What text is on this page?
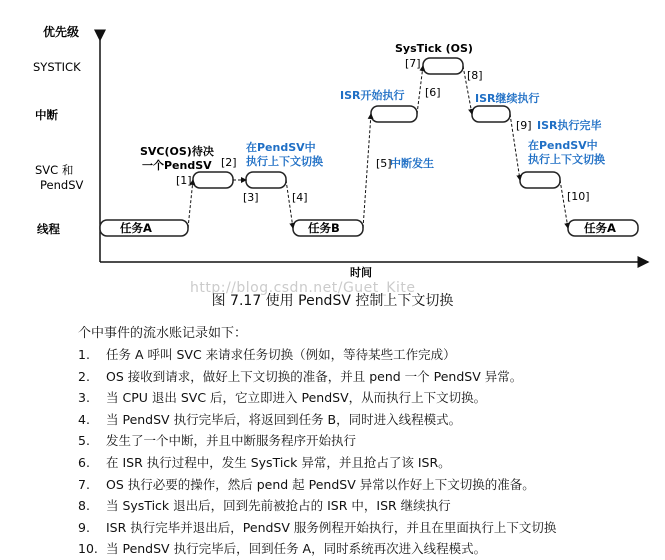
优先级
时间
SYSTICK
中断
SVC 和
PendSV
线程	任务A	任务B	任务A
[1]
[2]
[3]	[4]
[5]
[6]
[7]
[8]
[9]
[10]
SVC(OS)待决
一个PendSV
在PendSV中
执行上下文切换
ISR开始执行
SysTick (OS)
ISR继续执行
ISR执行完毕
在PendSV中
执行上下文切换
中断发生
http://blog.csdn.net/Guet_Kite
图 7.17 使用 PendSV 控制上下文切换
个中事件的流水账记录如下：
1. 任务 A 呼叫 SVC 来请求任务切换（例如，等待某些工作完成）
2. OS 接收到请求，做好上下文切换的准备，并且 pend 一个 PendSV 异常。
3. 当 CPU 退出 SVC 后，它立即进入 PendSV，从而执行上下文切换。
4. 当 PendSV 执行完毕后，将返回到任务 B，同时进入线程模式。
5. 发生了一个中断，并且中断服务程序开始执行
6. 在 ISR 执行过程中，发生 SysTick 异常，并且抢占了该 ISR。
7. OS 执行必要的操作，然后 pend 起 PendSV 异常以作好上下文切换的准备。
8. 当 SysTick 退出后，回到先前被抢占的 ISR 中，ISR 继续执行
9. ISR 执行完毕并退出后，PendSV 服务例程开始执行，并且在里面执行上下文切换
10. 当 PendSV 执行完毕后，回到任务 A，同时系统再次进入线程模式。
